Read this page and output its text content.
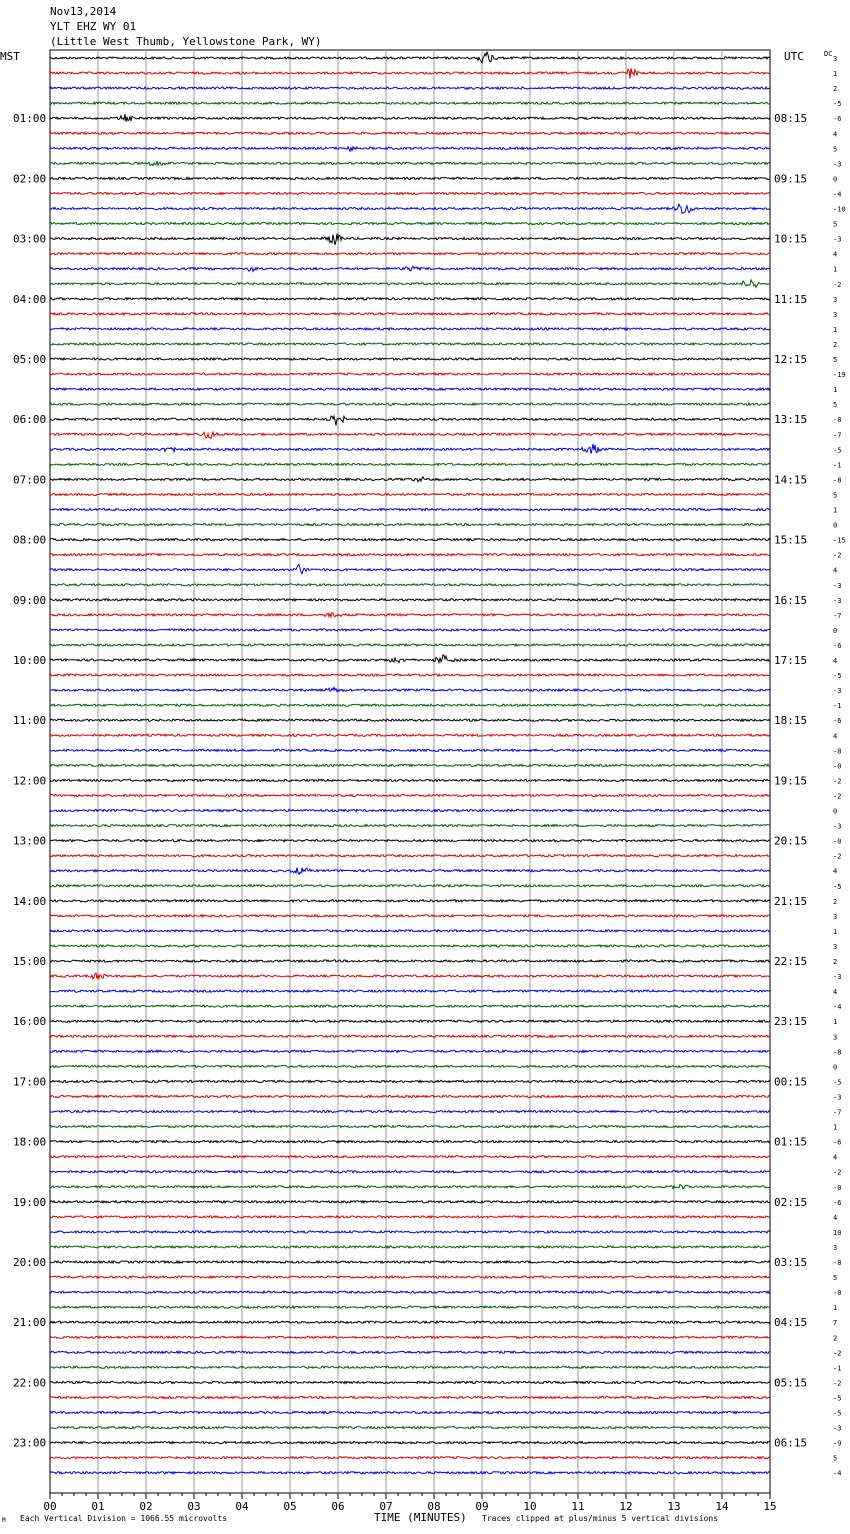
Nov13,2014
YLT EHZ WY 01
(Little West Thumb, Yellowstone Park, WY)
3
1
2
-5
-6
4
5
-3
0
-4
-10
5
-3
4
1
-2
3
3
1
2
5
-19
1
5
-8
-7
-5
-1
-8
5
1
0
-15
-2
4
-3
-3
-7
0
-6
4
-5
-3
-1
-6
4
-8
-0
-2
-2
0
-3
-0
-2
4
-5
2
3
1
3
2
-3
4
-4
1
3
-8
0
-5
-3
-7
1
-6
4
-2
-0
-6
4
10
3
-8
5
-0
1
7
2
-2
-1
-2
-5
-5
-3
-9
5
-4
01:00	08:15
02:00	09:15
03:00	10:15
04:00	11:15
05:00	12:15
06:00	13:15
07:00	14:15
08:00	15:15
09:00	16:15
10:00	17:15
11:00	18:15
12:00	19:15
13:00	20:15
14:00	21:15
15:00	22:15
16:00	23:15
17:00	00:15
18:00	01:15
19:00	02:15
20:00	03:15
21:00	04:15
22:00	05:15
23:00	06:15
00	01	02	03	04	05	06	07	08	09	10	11	12	13	14	15
MST	UTC	DC
M Each Vertical Division = 1066.55 microvolts	TIME (MINUTES) Traces clipped at plus/minus 5 vertical divisions
